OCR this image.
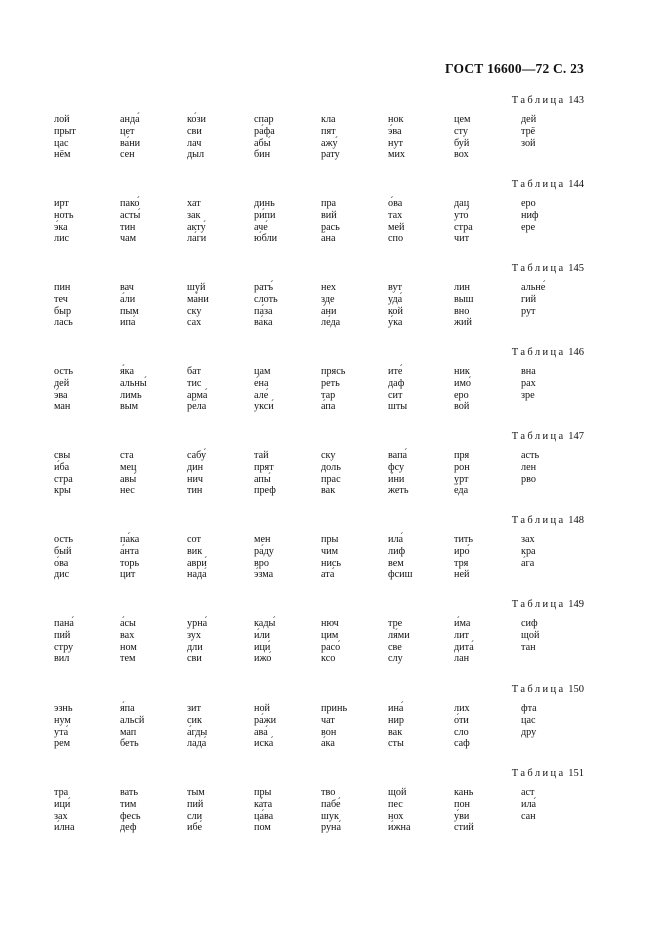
ГОСТ 16600—72 С. 23
Таблица 143
лой
прыт
цас
нём
анда́
цет
ва́ни
сен
ко́зи
сви
лач
дыл
спар
ра́фа
абы́
бин
кла
пят
ажу́
рату
нок
э́ва
нут
мих
цем
сту
буй
вох
дей
трё
зой
Таблица 144
ирт
ноть
э́ка
лис
пако́
асты́
тин
чам
хат
зак
акту́
ла́ги
динь
ри́пи
аче́
ю́бли
пра
вий
рась
а́на
о́ва
тах
мей
спо
дац
уто́
стра
чит
еро
ниф
ере
Таблица 145
пин
теч
быр
лась
вач
а́ли
пым
ипа́
шуй
ма́ни
ску
сах
ратъ́
слоть
па́за
ва́ка
нех
зде
а́ни
ле́да
вут
уда́
кой
у́ка
лин
выш
вно
жий
альне́
гий
рут
Таблица 146
ость
дей
э́ва
ман
я́ка
альны́
лимь
вым
бат
тис
арма́
ре́ла
цам
е́на
але́
укси́
прясь
реть
тар
а́па
ите́
даф
сит
шты
ник
имо́
еро
вой
вна
рах
зре
Таблица 147
свы
и́ба
стра
кры
ста
мец
авы́
нес
сабу́
дин
нич
тин
тай
прят
апы́
преф
ску
доль
прас
вак
вапа́
фсу
и́ни
жеть
пря
рон
урт
е́да
асть
лен
рво
Таблица 148
ость
бый
о́ва
дис
па́ка
а́нта
торь
цит
сот
вик
аври́
нада́
мен
ра́ду
вро
э́зма
пры
чим
нись
ата́
ила́
лиф
вем
фсиш
тить
иро́
тря
ней
зах
кра
а́га
Таблица 149
пана́
пий
стру
вил
а́сы
вах
ном
тем
урна́
зух
дли
сви
кады́
и́ли
ици́
ижо́
нюч
цим
расо́
ксо
тре
ля́ми
све
слу
и́ма
лит
дита́
лан
сиф
щой
тан
Таблица 150
эзнь
нум
ута́
рем
я́па
альсй
мап
беть
зит
сик
а́гды
лада́
ной
ра́жи
ава́
иска́
принь
чат
вон
а́ка
ина́
нир
вак
сты
лих
о́ти
сло
саф
фта
цас
дру
Таблица 151
тра
ици́
зах
и́лна
вать
тим
фесь
деф
тым
пий
сли
ибе́
пры
ка́та
ца́ва
пом
тво
пабе́
шук
руна́
щой
пес
нох
и́жна
кань
пон
у́ви
стий
аст
ила́
сан
